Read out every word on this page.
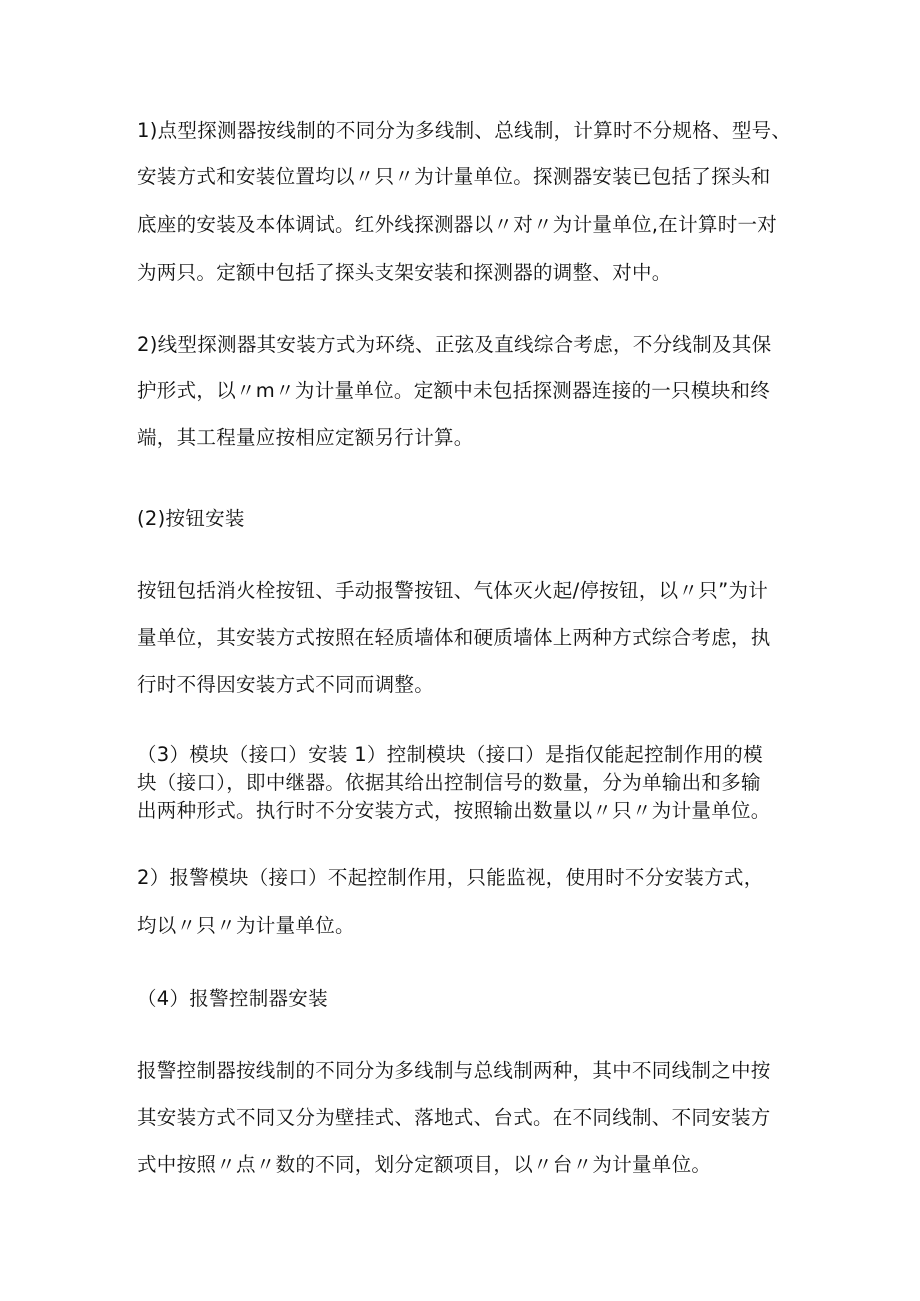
1)点型探测器按线制的不同分为多线制、总线制，计算时不分规格、型号、
安装方式和安装位置均以〃只〃为计量单位。探测器安装已包括了探头和
底座的安装及本体调试。红外线探测器以〃对〃为计量单位,在计算时一对
为两只。定额中包括了探头支架安装和探测器的调整、对中。
2)线型探测器其安装方式为环绕、正弦及直线综合考虑，不分线制及其保
护形式，以〃m〃为计量单位。定额中未包括探测器连接的一只模块和终
端，其工程量应按相应定额另行计算。
(2)按钮安装
按钮包括消火栓按钮、手动报警按钮、气体灭火起/停按钮，以〃只”为计
量单位，其安装方式按照在轻质墙体和硬质墙体上两种方式综合考虑，执
行时不得因安装方式不同而调整。
（3）模块（接口）安装 1）控制模块（接口）是指仅能起控制作用的模
块（接口），即中继器。依据其给出控制信号的数量，分为单输出和多输
出两种形式。执行时不分安装方式，按照输出数量以〃只〃为计量单位。
2）报警模块（接口）不起控制作用，只能监视，使用时不分安装方式，
均以〃只〃为计量单位。
（4）报警控制器安装
报警控制器按线制的不同分为多线制与总线制两种，其中不同线制之中按
其安装方式不同又分为壁挂式、落地式、台式。在不同线制、不同安装方
式中按照〃点〃数的不同，划分定额项目，以〃台〃为计量单位。
